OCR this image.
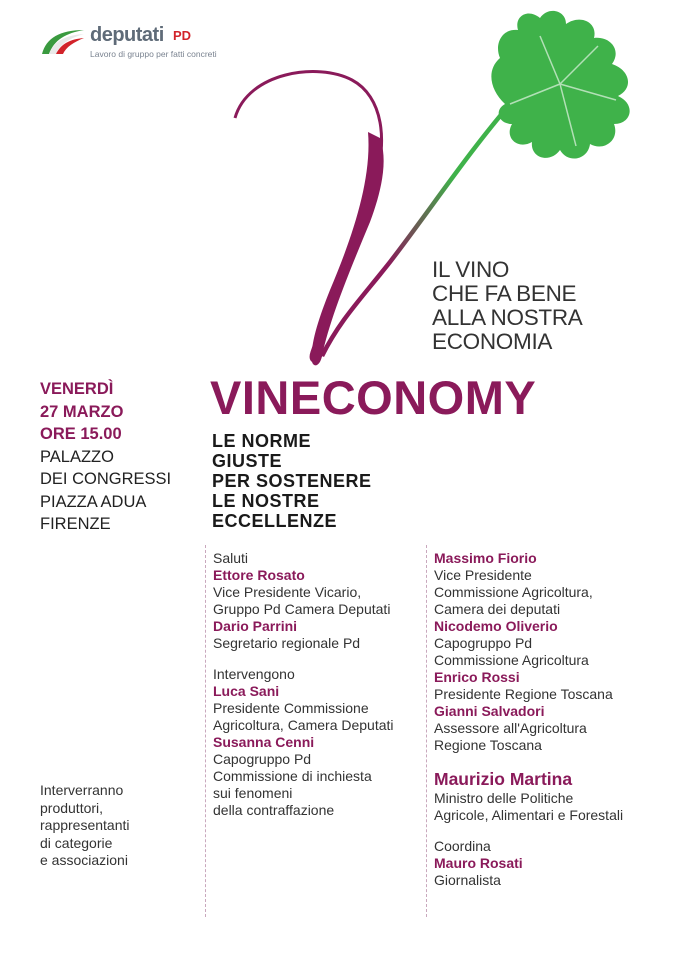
deputati PD
Lavoro di gruppo per fatti concreti
IL VINO
CHE FA BENE
ALLA NOSTRA
ECONOMIA
VINECONOMY
LE NORME
GIUSTE
PER SOSTENERE
LE NOSTRE
ECCELLENZE
VENERDÌ
27 MARZO
ORE 15.00
PALAZZO
DEI CONGRESSI
PIAZZA ADUA
FIRENZE
Interverranno
produttori,
rappresentanti
di categorie
e associazioni
Saluti
Ettore Rosato
Vice Presidente Vicario,
Gruppo Pd Camera Deputati
Dario Parrini
Segretario regionale Pd
Intervengono
Luca Sani
Presidente Commissione
Agricoltura, Camera Deputati
Susanna Cenni
Capogruppo Pd
Commissione di inchiesta
sui fenomeni
della contraffazione
Massimo Fiorio
Vice Presidente
Commissione Agricoltura,
Camera dei deputati
Nicodemo Oliverio
Capogruppo Pd
Commissione Agricoltura
Enrico Rossi
Presidente Regione Toscana
Gianni Salvadori
Assessore all'Agricoltura
Regione Toscana
Maurizio Martina
Ministro delle Politiche
Agricole, Alimentari e Forestali
Coordina
Mauro Rosati
Giornalista
